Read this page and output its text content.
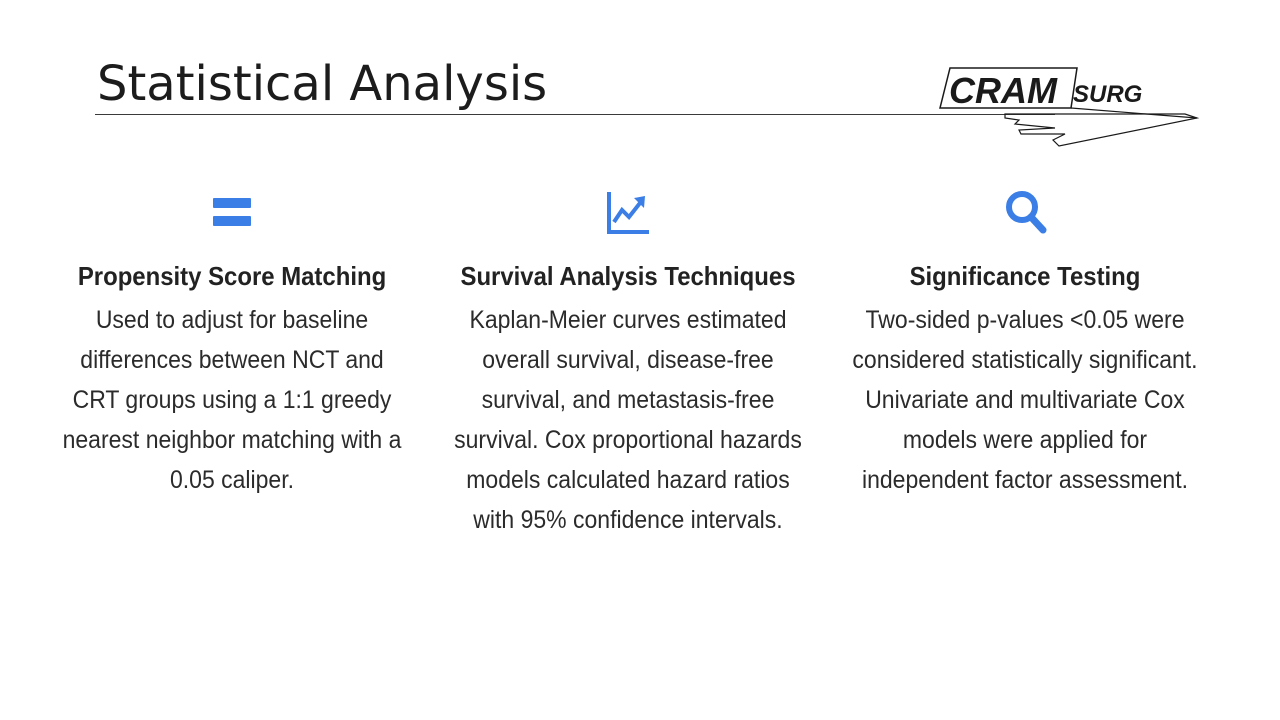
Statistical Analysis	CRAM SURG
Propensity Score Matching
Used to adjust for baseline differences between NCT and CRT groups using a 1:1 greedy nearest neighbor matching with a 0.05 caliper.
Survival Analysis Techniques
Kaplan-Meier curves estimated overall survival, disease-free survival, and metastasis-free survival. Cox proportional hazards models calculated hazard ratios with 95% confidence intervals.
Significance Testing
Two-sided p-values <0.05 were considered statistically significant. Univariate and multivariate Cox models were applied for independent factor assessment.
